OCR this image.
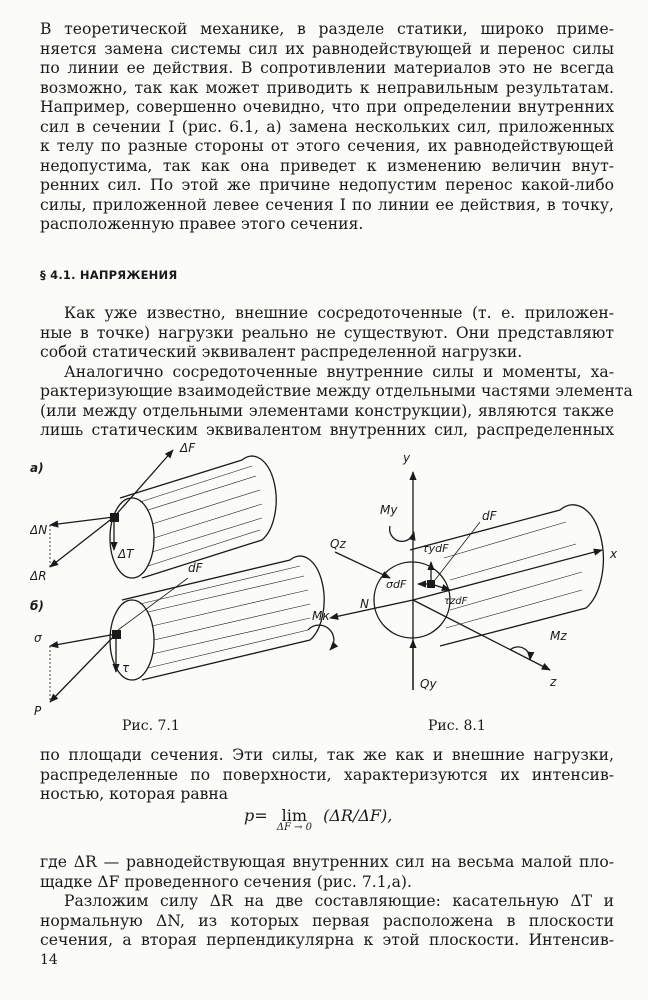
В теоретической механике, в разделе статики, широко приме-
няется замена системы сил их равнодействующей и перенос силы
по линии ее действия. В сопротивлении материалов это не всегда
возможно, так как может приводить к неправильным результатам.
Например, совершенно очевидно, что при определении внутренних
сил в сечении I (рис. 6.1, а) замена нескольких сил, приложенных
к телу по разные стороны от этого сечения, их равнодействующей
недопустима, так как она приведет к изменению величин внут-
ренних сил. По этой же причине недопустим перенос какой-либо
силы, приложенной левее сечения I по линии ее действия, в точку,
расположенную правее этого сечения.

§ 4.1. НАПРЯЖЕНИЯ

Как уже известно, внешние сосредоточенные (т. е. приложен-
ные в точке) нагрузки реально не существуют. Они представляют
собой статический эквивалент распределенной нагрузки.
Аналогично сосредоточенные внутренние силы и моменты, ха-
рактеризующие взаимодействие между отдельными частями элемента
(или между отдельными элементами конструкции), являются также
лишь статическим эквивалентом внутренних сил, распределенных

а)
ΔF
ΔN
ΔR
ΔT
б)
dF
σ
τ
P
Рис. 7.1
y
x
z
My
Mz
Mк
N
Qz
Qy
dF
τydF
σdF
τzdF
Рис. 8.1

по площади сечения. Эти силы, так же как и внешние нагрузки,
распределенные по поверхности, характеризуются их интенсив-
ностью, которая равна

p= lim
ΔF → 0
(ΔR/ΔF),

где ΔR — равнодействующая внутренних сил на весьма малой пло-
щадке ΔF проведенного сечения (рис. 7.1,а).
Разложим силу ΔR на две составляющие: касательную ΔT и
нормальную ΔN, из которых первая расположена в плоскости
сечения, а вторая перпендикулярна к этой плоскости. Интенсив-

14
